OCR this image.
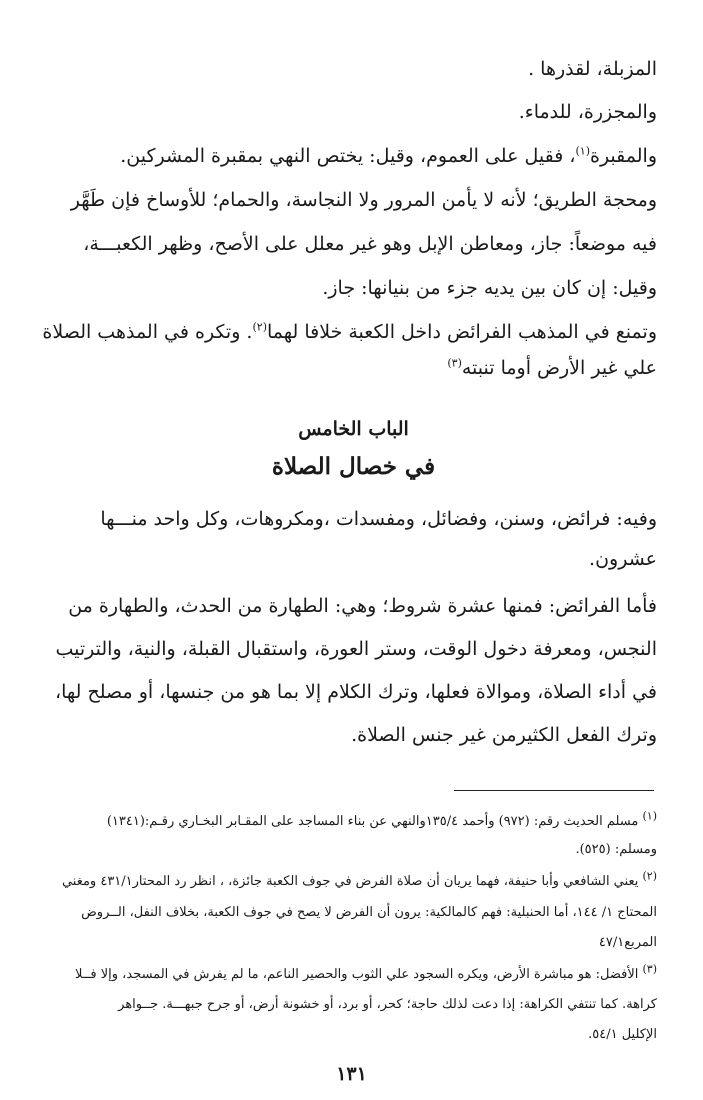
المزبلة، لقذرها .
والمجزرة، للدماء.
والمقبرة$^{(١)}$، فقيل على العموم، وقيل: يختص النهي بمقبرة المشركين.
ومحجة الطريق؛ لأنه لا يأمن المرور ولا النجاسة، والحمام؛ للأوساخ فإن طَهَّر
فيه موضعاً: جاز، ومعاطن الإبل وهو غير معلل على الأصح، وظهر الكعبـــة،
وقيل: إن كان بين يديه جزء من بنيانها: جاز.
وتمنع في المذهب الفرائض داخل الكعبة خلافا لهما$^{(٢)}$. وتكره في المذهب الصلاة
علي غير الأرض أوما تنبته$^{(٣)}$
الباب الخامس
في خصال الصلاة
وفيه: فرائض، وسنن، وفضائل، ومفسدات ،ومكروهات، وكل واحد منـــها
عشرون.
فأما الفرائض: فمنها عشرة شروط؛ وهي: الطهارة من الحدث، والطهارة من
النجس، ومعرفة دخول الوقت، وستر العورة، واستقبال القبلة، والنية، والترتيب
في أداء الصلاة، وموالاة فعلها، وترك الكلام إلا بما هو من جنسها، أو مصلح لها،
وترك الفعل الكثيرمن غير جنس الصلاة.
$^{(١)}$ مسلم الحديث رقم: (٩٧٢) وأحمد ١٣٥/٤والنهي عن بناء المساجد على المقـابر البخـاري رقـم:(١٣٤١)
ومسلم: (٥٢٥).
$^{(٢)}$ يعني الشافعي وأبا حنيفة، فهما يريان أن صلاة الفرض في جوف الكعبة جائزة، ، انظر رد المحتار٤٣١/١ ومغني
المحتاج ١/ ١٤٤، أما الحنبلية: فهم كالمالكية: يرون أن الفرض لا يصح في جوف الكعبة، بخلاف النفل، الــروض
المربع٤٧/١
$^{(٣)}$ الأفضل: هو مباشرة الأرض، ويكره السجود علي الثوب والحصير الناعم، ما لم يفرش في المسجد، وإلا فــلا
كراهة. كما تنتفي الكراهة: إذا دعت لذلك حاجة؛ كحر، أو برد، أو خشونة أرض، أو جرح جبهـــة. جــواهر
الإكليل ٥٤/١.
١٣١
